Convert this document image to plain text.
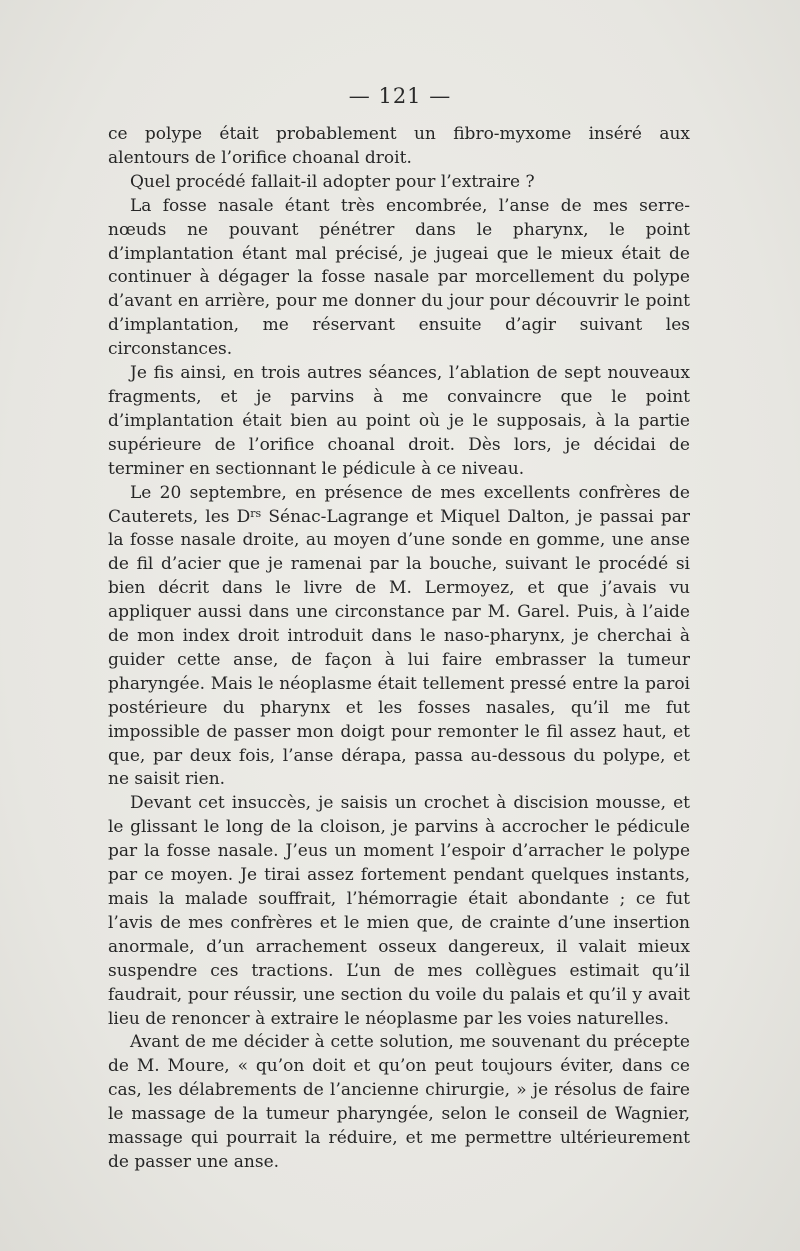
— 121 —

ce polype était probablement un fibro-myxome inséré aux alentours de l’orifice choanal droit.

Quel procédé fallait-il adopter pour l’extraire ?

La fosse nasale étant très encombrée, l’anse de mes serre-nœuds ne pouvant pénétrer dans le pharynx, le point d’implantation étant mal précisé, je jugeai que le mieux était de continuer à dégager la fosse nasale par morcellement du polype d’avant en arrière, pour me donner du jour pour découvrir le point d’implantation, me réservant ensuite d’agir suivant les circonstances.

Je fis ainsi, en trois autres séances, l’ablation de sept nouveaux fragments, et je parvins à me convaincre que le point d’implantation était bien au point où je le supposais, à la partie supérieure de l’orifice choanal droit. Dès lors, je décidai de terminer en sectionnant le pédicule à ce niveau.

Le 20 septembre, en présence de mes excellents confrères de Cauterets, les $D^{rs}$ Sénac-Lagrange et Miquel Dalton, je passai par la fosse nasale droite, au moyen d’une sonde en gomme, une anse de fil d’acier que je ramenai par la bouche, suivant le procédé si bien décrit dans le livre de M. Lermoyez, et que j’avais vu appliquer aussi dans une circonstance par M. Garel. Puis, à l’aide de mon index droit introduit dans le naso-pharynx, je cherchai à guider cette anse, de façon à lui faire embrasser la tumeur pharyngée. Mais le néoplasme était tellement pressé entre la paroi postérieure du pharynx et les fosses nasales, qu’il me fut impossible de passer mon doigt pour remonter le fil assez haut, et que, par deux fois, l’anse dérapa, passa au-dessous du polype, et ne saisit rien.

Devant cet insuccès, je saisis un crochet à discision mousse, et le glissant le long de la cloison, je parvins à accrocher le pédicule par la fosse nasale. J’eus un moment l’espoir d’arracher le polype par ce moyen. Je tirai assez fortement pendant quelques instants, mais la malade souffrait, l’hémorragie était abondante ; ce fut l’avis de mes confrères et le mien que, de crainte d’une insertion anormale, d’un arrachement osseux dangereux, il valait mieux suspendre ces tractions. L’un de mes collègues estimait qu’il faudrait, pour réussir, une section du voile du palais et qu’il y avait lieu de renoncer à extraire le néoplasme par les voies naturelles.

Avant de me décider à cette solution, me souvenant du précepte de M. Moure, « qu’on doit et qu’on peut toujours éviter, dans ce cas, les délabrements de l’ancienne chirurgie, » je résolus de faire le massage de la tumeur pharyngée, selon le conseil de Wagnier, massage qui pourrait la réduire, et me permettre ultérieurement de passer une anse.
